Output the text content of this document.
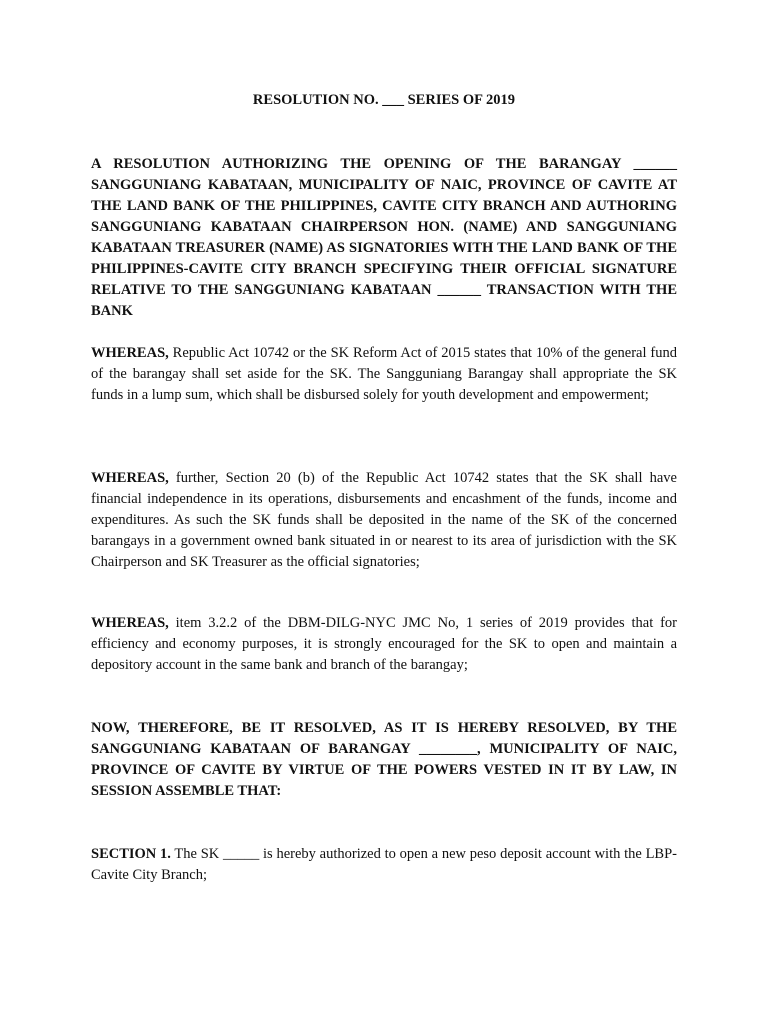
RESOLUTION NO. ___ SERIES OF 2019
A RESOLUTION AUTHORIZING THE OPENING OF THE BARANGAY ______ SANGGUNIANG KABATAAN, MUNICIPALITY OF NAIC, PROVINCE OF CAVITE AT THE LAND BANK OF THE PHILIPPINES, CAVITE CITY BRANCH AND AUTHORING SANGGUNIANG KABATAAN CHAIRPERSON HON. (NAME) AND SANGGUNIANG KABATAAN TREASURER (NAME) AS SIGNATORIES WITH THE LAND BANK OF THE PHILIPPINES-CAVITE CITY BRANCH SPECIFYING THEIR OFFICIAL SIGNATURE RELATIVE TO THE SANGGUNIANG KABATAAN ______ TRANSACTION WITH THE BANK
WHEREAS, Republic Act 10742 or the SK Reform Act of 2015 states that 10% of the general fund of the barangay shall set aside for the SK. The Sangguniang Barangay shall appropriate the SK funds in a lump sum, which shall be disbursed solely for youth development and empowerment;
WHEREAS, further, Section 20 (b) of the Republic Act 10742 states that the SK shall have financial independence in its operations, disbursements and encashment of the funds, income and expenditures. As such the SK funds shall be deposited in the name of the SK of the concerned barangays in a government owned bank situated in or nearest to its area of jurisdiction with the SK Chairperson and SK Treasurer as the official signatories;
WHEREAS, item 3.2.2 of the DBM-DILG-NYC JMC No, 1 series of 2019 provides that for efficiency and economy purposes, it is strongly encouraged for the SK to open and maintain a depository account in the same bank and branch of the barangay;
NOW, THEREFORE, BE IT RESOLVED, AS IT IS HEREBY RESOLVED, BY THE SANGGUNIANG KABATAAN OF BARANGAY ________, MUNICIPALITY OF NAIC, PROVINCE OF CAVITE BY VIRTUE OF THE POWERS VESTED IN IT BY LAW, IN SESSION ASSEMBLE THAT:
SECTION 1. The SK _____ is hereby authorized to open a new peso deposit account with the LBP-Cavite City Branch;
